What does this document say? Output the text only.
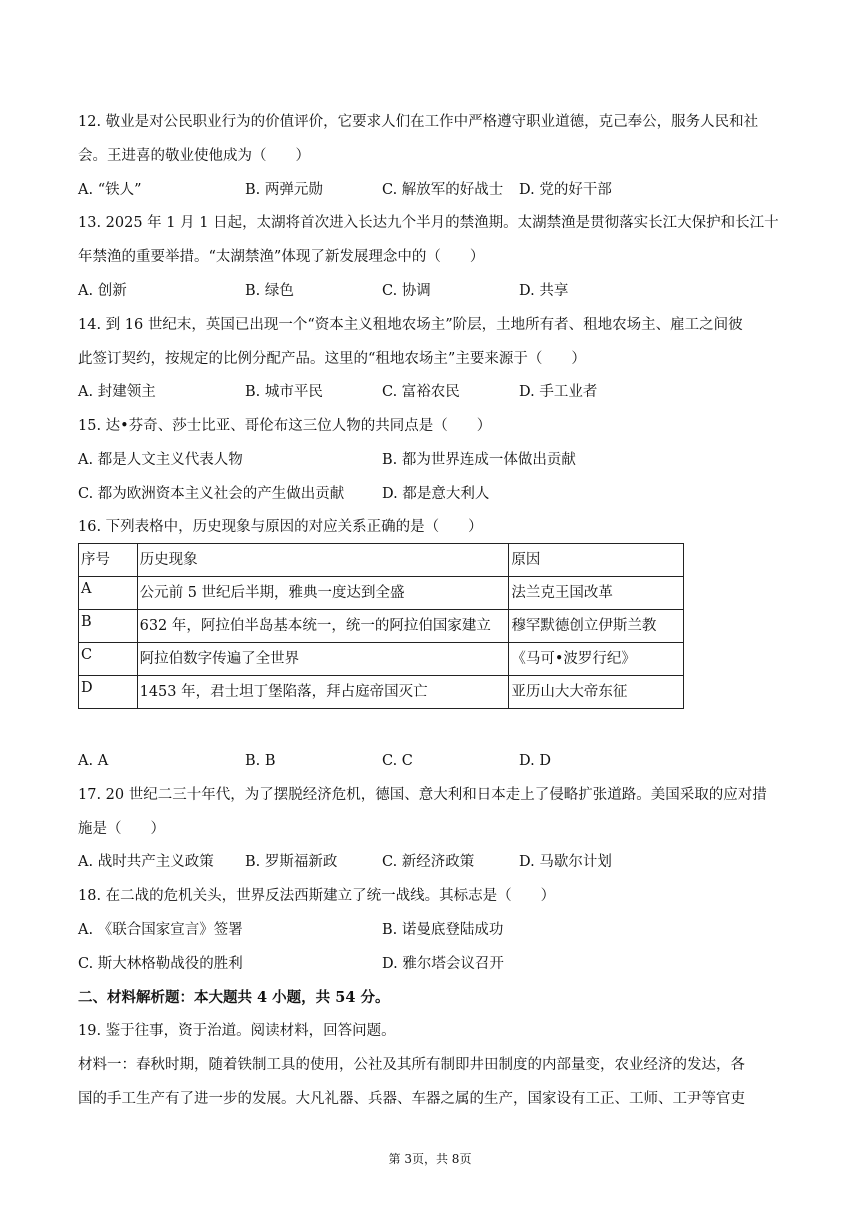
12. 敬业是对公民职业行为的价值评价，它要求人们在工作中严格遵守职业道德，克己奉公，服务人民和社
会。王进喜的敬业使他成为（　　）
A. “铁人”	B. 两弹元勋	C. 解放军的好战士 D. 党的好干部
13. 2025 年 1 月 1 日起，太湖将首次进入长达九个半月的禁渔期。太湖禁渔是贯彻落实长江大保护和长江十
年禁渔的重要举措。“太湖禁渔”体现了新发展理念中的（　　）
A. 创新	B. 绿色	C. 协调	D. 共享
14. 到 16 世纪末，英国已出现一个“资本主义租地农场主”阶层，土地所有者、租地农场主、雇工之间彼
此签订契约，按规定的比例分配产品。这里的“租地农场主”主要来源于（　　）
A. 封建领主	B. 城市平民	C. 富裕农民	D. 手工业者
15. 达•芬奇、莎士比亚、哥伦布这三位人物的共同点是（　　）
A. 都是人文主义代表人物	B. 都为世界连成一体做出贡献
C. 都为欧洲资本主义社会的产生做出贡献	D. 都是意大利人
16. 下列表格中，历史现象与原因的对应关系正确的是（　　）
序号	历史现象	原因
A	公元前 5 世纪后半期，雅典一度达到全盛	法兰克王国改革
B	632 年，阿拉伯半岛基本统一，统一的阿拉伯国家建立	穆罕默德创立伊斯兰教
C	阿拉伯数字传遍了全世界	《马可•波罗行纪》
D	1453 年，君士坦丁堡陷落，拜占庭帝国灭亡	亚历山大大帝东征
A. A	B. B	C. C	D. D
17. 20 世纪二三十年代，为了摆脱经济危机，德国、意大利和日本走上了侵略扩张道路。美国采取的应对措
施是（　　）
A. 战时共产主义政策 B. 罗斯福新政	C. 新经济政策	D. 马歇尔计划
18. 在二战的危机关头，世界反法西斯建立了统一战线。其标志是（　　）
A. 《联合国家宣言》签署	B. 诺曼底登陆成功
C. 斯大林格勒战役的胜利	D. 雅尔塔会议召开
二、材料解析题：本大题共 4 小题，共 54 分。
19. 鉴于往事，资于治道。阅读材料，回答问题。
材料一：春秋时期，随着铁制工具的使用，公社及其所有制即井田制度的内部量变，农业经济的发达，各
国的手工生产有了进一步的发展。大凡礼器、兵器、车器之属的生产，国家设有工正、工师、工尹等官吏
第 3页，共 8页
